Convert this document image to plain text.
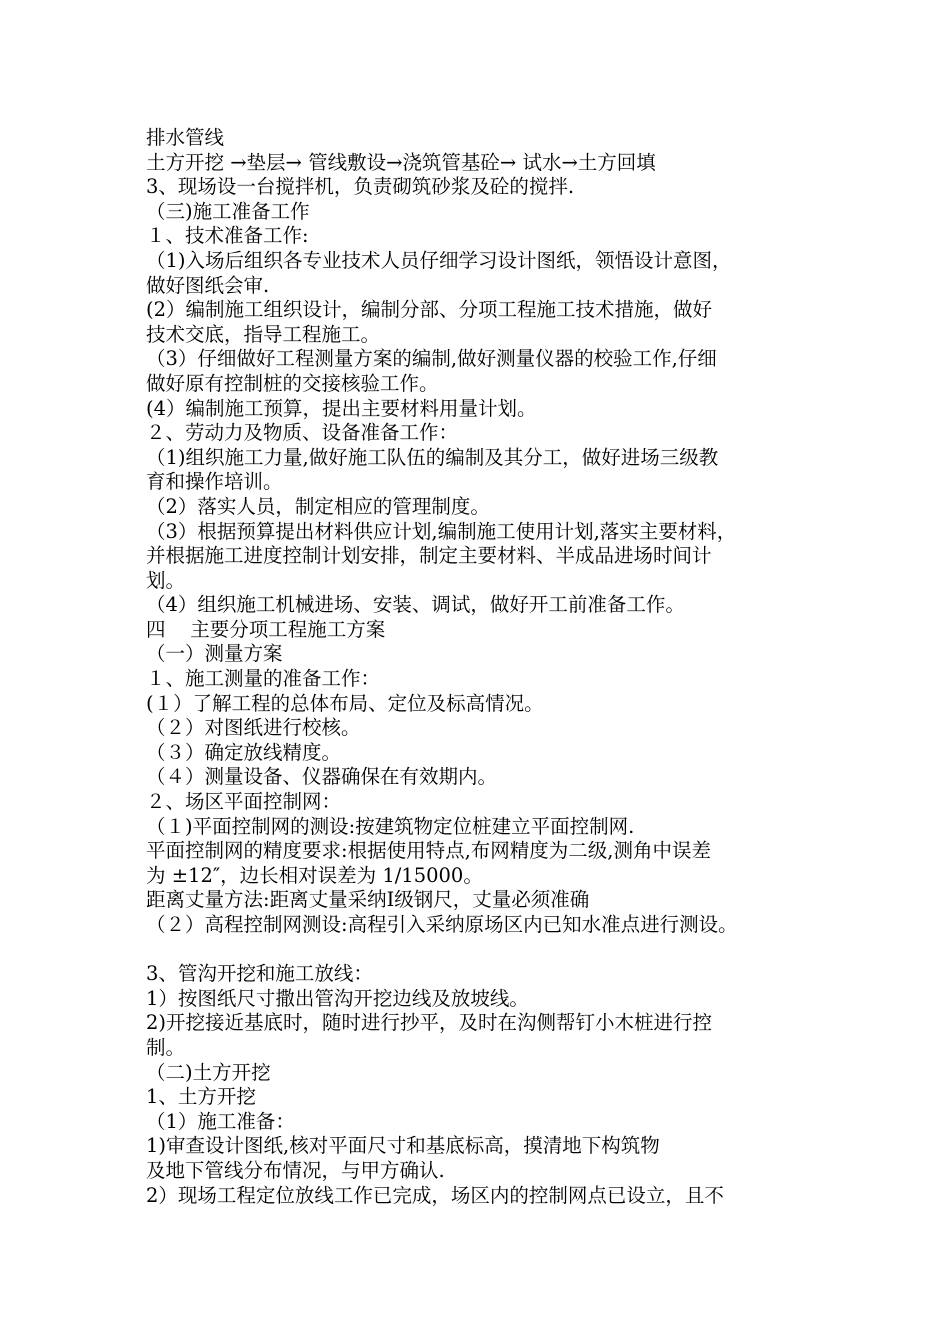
排水管线
土方开挖 →垫层→ 管线敷设→浇筑管基砼→ 试水→土方回填
3、现场设一台搅拌机，负责砌筑砂浆及砼的搅拌.
（三)施工准备工作
１、技术准备工作:
（1)入场后组织各专业技术人员仔细学习设计图纸，领悟设计意图，
做好图纸会审.
(2）编制施工组织设计，编制分部、分项工程施工技术措施，做好
技术交底，指导工程施工。
（3）仔细做好工程测量方案的编制,做好测量仪器的校验工作,仔细
做好原有控制桩的交接核验工作。
(4）编制施工预算，提出主要材料用量计划。
２、劳动力及物质、设备准备工作：
（1)组织施工力量,做好施工队伍的编制及其分工，做好进场三级教
育和操作培训。
（2）落实人员，制定相应的管理制度。
（3）根据预算提出材料供应计划,编制施工使用计划,落实主要材料，
并根据施工进度控制计划安排，制定主要材料、半成品进场时间计
划。
（4）组织施工机械进场、安装、调试，做好开工前准备工作。
四    主要分项工程施工方案
（一）测量方案
１、施工测量的准备工作：
(１）了解工程的总体布局、定位及标高情况。
（２）对图纸进行校核。
（３）确定放线精度。
（４）测量设备、仪器确保在有效期内。
２、场区平面控制网：
（１)平面控制网的测设:按建筑物定位桩建立平面控制网.
平面控制网的精度要求:根据使用特点,布网精度为二级,测角中误差
为 ±12″，边长相对误差为 1/15000。
距离丈量方法:距离丈量采纳Ⅰ级钢尺，丈量必须准确
（２）高程控制网测设:高程引入采纳原场区内已知水准点进行测设。
3、管沟开挖和施工放线：
1）按图纸尺寸撒出管沟开挖边线及放坡线。
2)开挖接近基底时，随时进行抄平，及时在沟侧帮钉小木桩进行控
制。
（二)土方开挖
1、土方开挖
（1）施工准备：
1)审查设计图纸,核对平面尺寸和基底标高，摸清地下构筑物
及地下管线分布情况，与甲方确认.
2）现场工程定位放线工作已完成，场区内的控制网点已设立，且不
